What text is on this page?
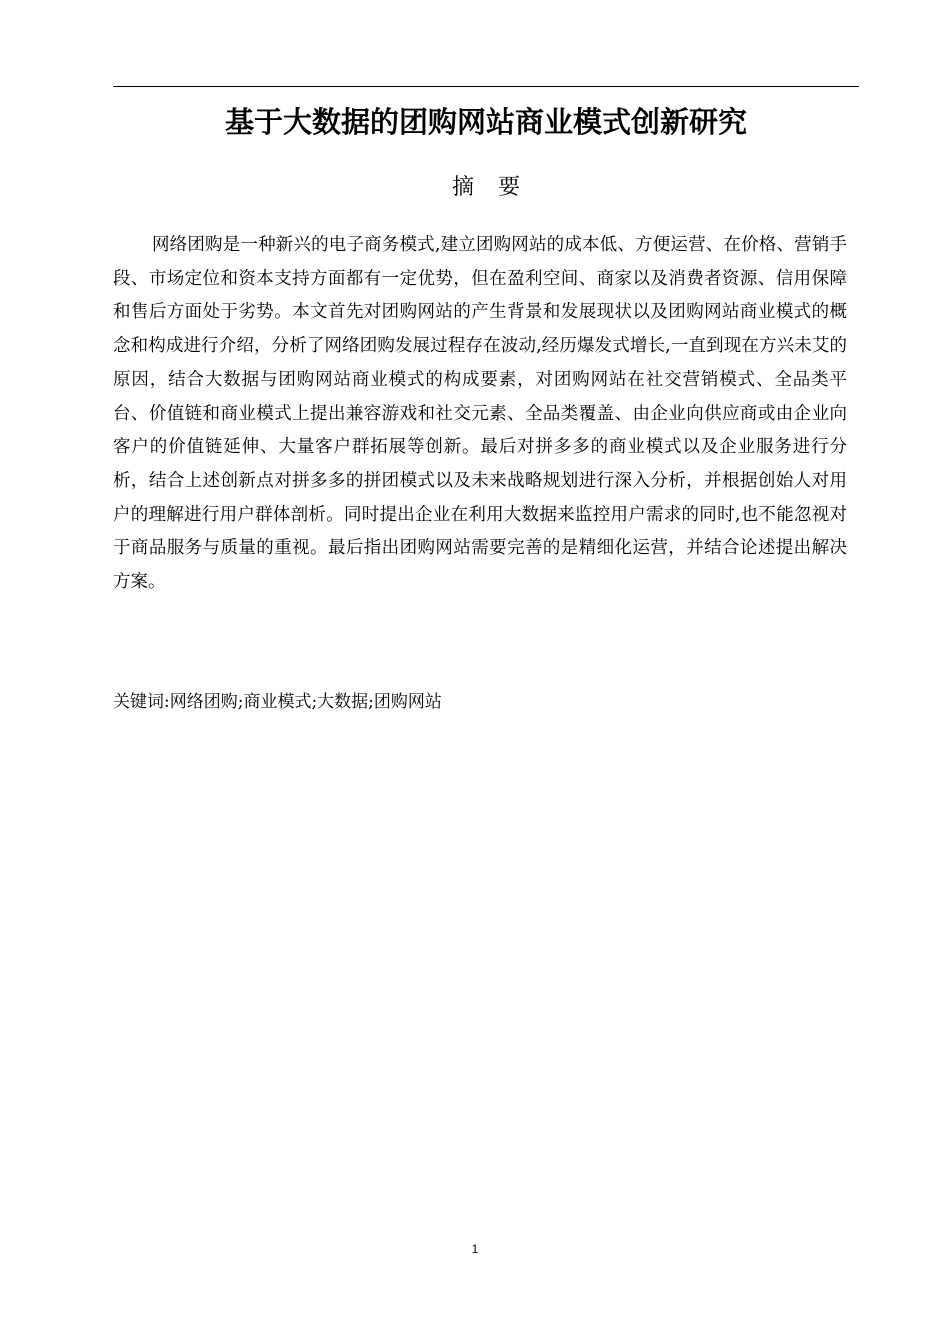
基于大数据的团购网站商业模式创新研究
摘要
网络团购是一种新兴的电子商务模式,建立团购网站的成本低、方便运营、在价格、营销手段、市场定位和资本支持方面都有一定优势，但在盈利空间、商家以及消费者资源、信用保障和售后方面处于劣势。本文首先对团购网站的产生背景和发展现状以及团购网站商业模式的概念和构成进行介绍，分析了网络团购发展过程存在波动,经历爆发式增长,一直到现在方兴未艾的原因，结合大数据与团购网站商业模式的构成要素，对团购网站在社交营销模式、全品类平台、价值链和商业模式上提出兼容游戏和社交元素、全品类覆盖、由企业向供应商或由企业向客户的价值链延伸、大量客户群拓展等创新。最后对拼多多的商业模式以及企业服务进行分析，结合上述创新点对拼多多的拼团模式以及未来战略规划进行深入分析，并根据创始人对用户的理解进行用户群体剖析。同时提出企业在利用大数据来监控用户需求的同时,也不能忽视对于商品服务与质量的重视。最后指出团购网站需要完善的是精细化运营，并结合论述提出解决方案。
关键词:网络团购;商业模式;大数据;团购网站
1
